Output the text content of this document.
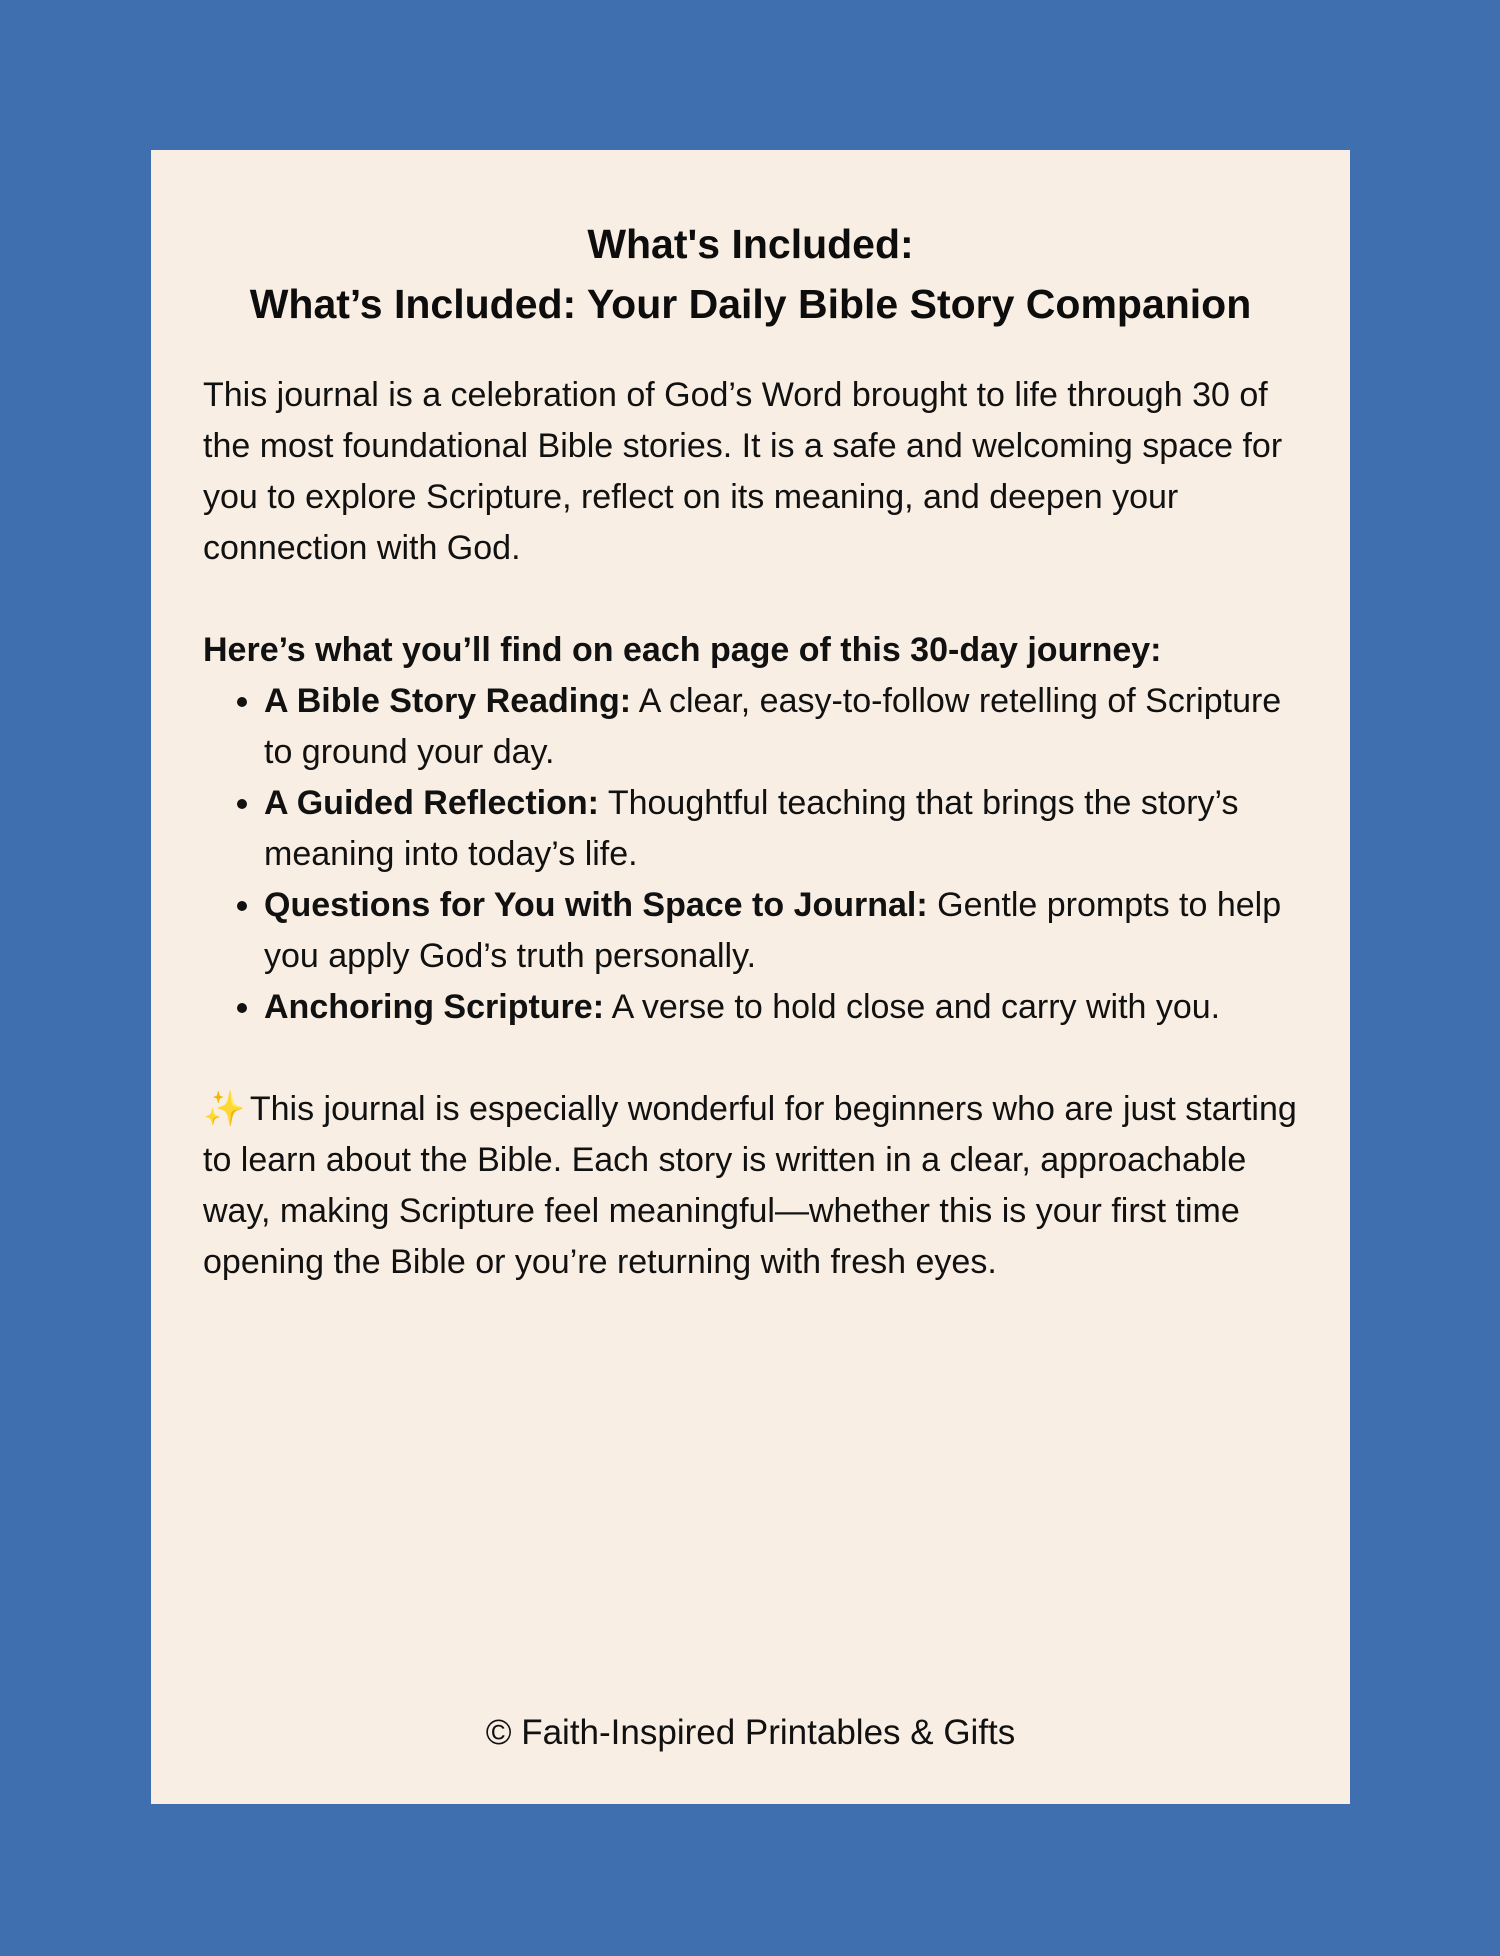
What's Included:
What’s Included: Your Daily Bible Story Companion

This journal is a celebration of God’s Word brought to life through 30 of the most foundational Bible stories. It is a safe and welcoming space for you to explore Scripture, reflect on its meaning, and deepen your connection with God.

Here’s what you’ll find on each page of this 30-day journey:

• A Bible Story Reading: A clear, easy-to-follow retelling of Scripture to ground your day.
• A Guided Reflection: Thoughtful teaching that brings the story’s meaning into today’s life.
• Questions for You with Space to Journal: Gentle prompts to help you apply God’s truth personally.
• Anchoring Scripture: A verse to hold close and carry with you.

✨ This journal is especially wonderful for beginners who are just starting to learn about the Bible. Each story is written in a clear, approachable way, making Scripture feel meaningful—whether this is your first time opening the Bible or you’re returning with fresh eyes.

© Faith-Inspired Printables & Gifts
